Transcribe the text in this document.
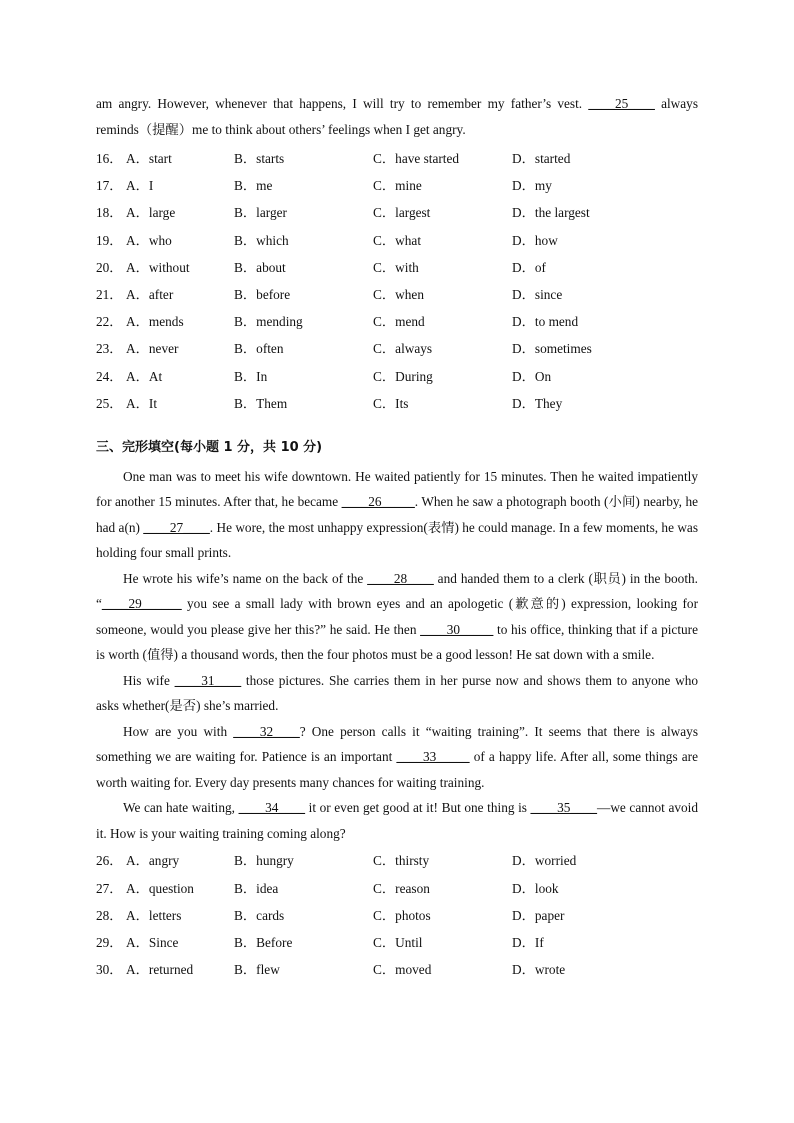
am angry. However, whenever that happens, I will try to remember my father’s vest. ____25____ always reminds（提醒）me to think about others’ feelings when I get angry.

16． A．start	B．starts	C．have started	D．started
17． A．I	B．me	C．mine	D．my
18． A．large	B．larger	C．largest	D．the largest
19． A．who	B．which	C．what	D．how
20． A．without	B．about	C．with	D．of
21． A．after	B．before	C．when	D．since
22． A．mends	B．mending	C．mend	D．to mend
23． A．never	B．often	C．always	D．sometimes
24． A．At	B．In	C．During	D．On
25． A．It	B．Them	C．Its	D．They
三、完形填空(每小题 1 分，共 10 分)

One man was to meet his wife downtown. He waited patiently for 15 minutes. Then he waited impatiently for another 15 minutes. After that, he became ____26_____. When he saw a photograph booth (小间) nearby, he had a(n) ____27____. He wore, the most unhappy expression(表情) he could manage. In a few moments, he was holding four small prints.

He wrote his wife’s name on the back of the ____28____ and handed them to a clerk (职员) in the booth. “____29______ you see a small lady with brown eyes and an apologetic (歉意的) expression, looking for someone, would you please give her this?” he said. He then ____30_____ to his office, thinking that if a picture is worth (值得) a thousand words, then the four photos must be a good lesson! He sat down with a smile.

His wife ____31____ those pictures. She carries them in her purse now and shows them to anyone who asks whether(是否) she’s married.

How are you with ____32____? One person calls it “waiting training”. It seems that there is always something we are waiting for. Patience is an important ____33_____ of a happy life. After all, some things are worth waiting for. Every day presents many chances for waiting training.

We can hate waiting, ____34____ it or even get good at it! But one thing is ____35____—we cannot avoid it. How is your waiting training coming along?

26． A．angry	B．hungry	C．thirsty	D．worried
27． A．question	B．idea	C．reason	D．look
28． A．letters	B．cards	C．photos	D．paper
29． A．Since	B．Before	C．Until	D．If
30． A．returned	B．flew	C．moved	D．wrote
